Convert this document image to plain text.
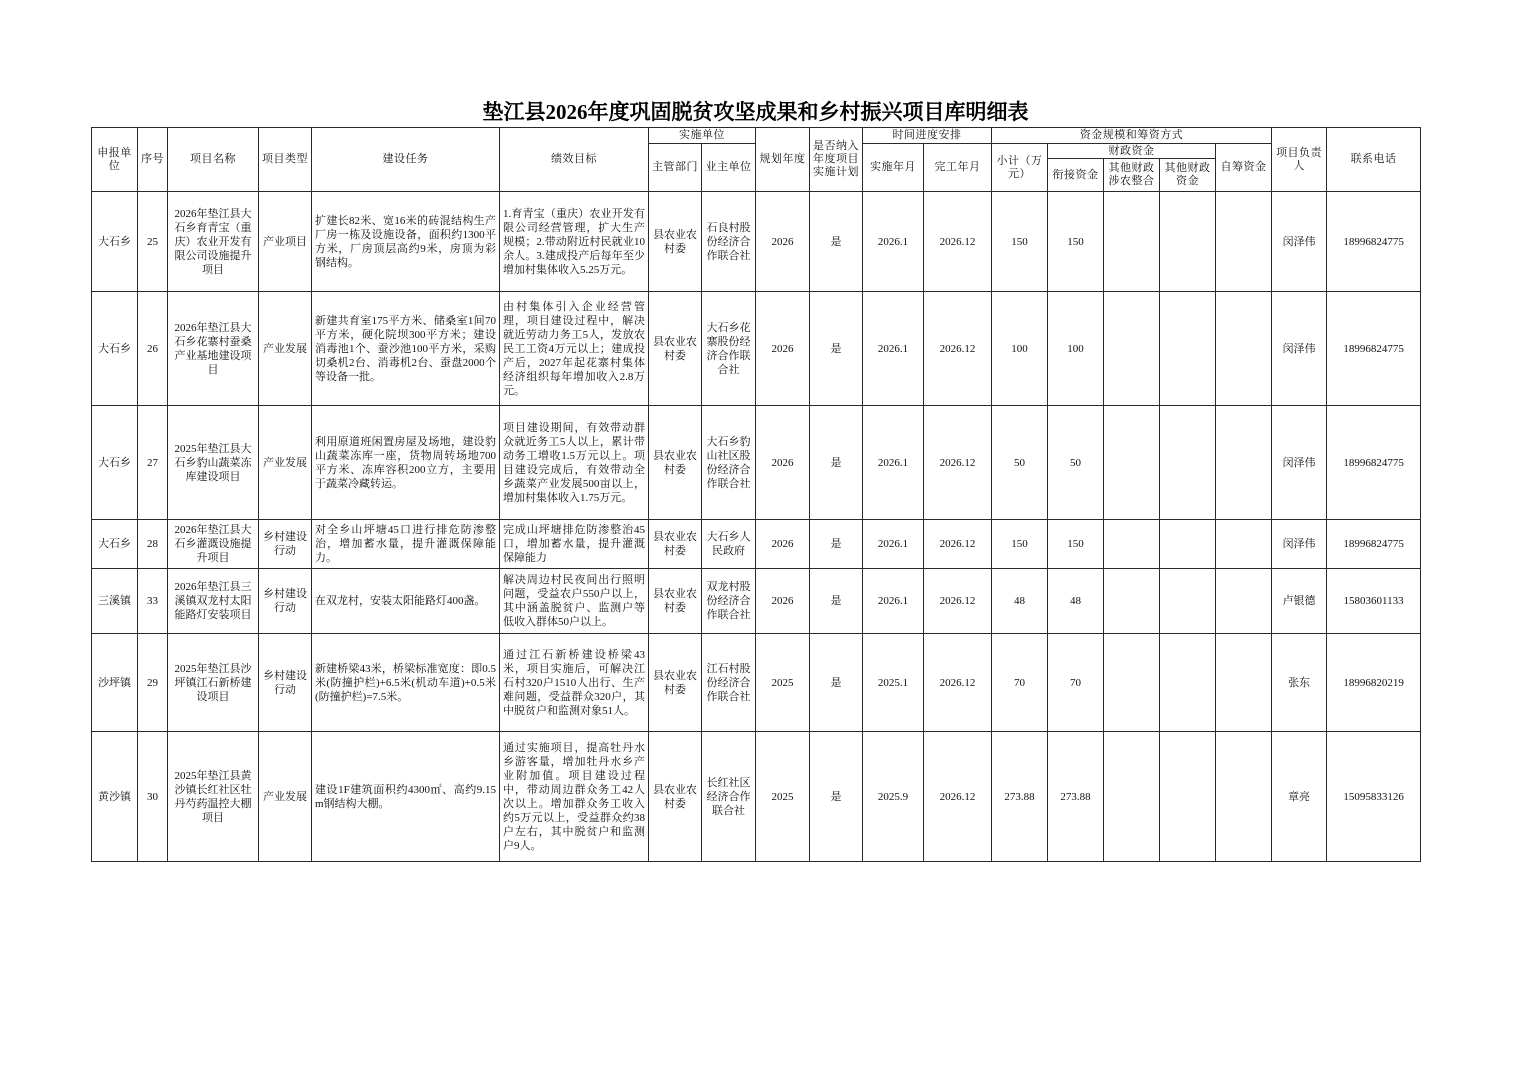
垫江县2026年度巩固脱贫攻坚成果和乡村振兴项目库明细表
申报单位	序号	项目名称	项目类型	建设任务	绩效目标	实施单位		规划年度	是否纳入年度项目实施计划	时间进度安排		资金规模和筹资方式					项目负责人	联系电话
						主管部门	业主单位			实施年月	完工年月	小计（万元）	财政资金			自筹资金		
													衔接资金	其他财政涉农整合	其他财政资金			
大石乡	25	2026年垫江县大石乡育青宝（重庆）农业开发有限公司设施提升项目	产业项目	扩建长82米、宽16米的砖混结构生产厂房一栋及设施设备，面积约1300平方米，厂房顶层高约9米，房顶为彩钢结构。	1.育青宝（重庆）农业开发有限公司经营管理，扩大生产规模；2.带动附近村民就业10余人。3.建成投产后每年至少增加村集体收入5.25万元。	县农业农村委	石良村股份经济合作联合社	2026	是	2026.1	2026.12	150	150				闵泽伟	18996824775
大石乡	26	2026年垫江县大石乡花寨村蚕桑产业基地建设项目	产业发展	新建共育室175平方米、储桑室1间70平方米，硬化院坝300平方米；建设消毒池1个、蚕沙池100平方米，采购切桑机2台、消毒机2台、蚕盘2000个等设备一批。	由村集体引入企业经营管理，项目建设过程中，解决就近劳动力务工5人，发放农民工工资4万元以上；建成投产后，2027年起花寨村集体经济组织每年增加收入2.8万元。	县农业农村委	大石乡花寨股份经济合作联合社	2026	是	2026.1	2026.12	100	100				闵泽伟	18996824775
大石乡	27	2025年垫江县大石乡豹山蔬菜冻库建设项目	产业发展	利用原道班闲置房屋及场地，建设豹山蔬菜冻库一座，货物周转场地700平方米、冻库容积200立方，主要用于蔬菜冷藏转运。	项目建设期间，有效带动群众就近务工5人以上，累计带动务工增收1.5万元以上。项目建设完成后，有效带动全乡蔬菜产业发展500亩以上，增加村集体收入1.75万元。	县农业农村委	大石乡豹山社区股份经济合作联合社	2026	是	2026.1	2026.12	50	50				闵泽伟	18996824775
大石乡	28	2026年垫江县大石乡灌溉设施提升项目	乡村建设行动	对全乡山坪塘45口进行排危防渗整治，增加蓄水量，提升灌溉保障能力。	完成山坪塘排危防渗整治45口，增加蓄水量，提升灌溉保障能力	县农业农村委	大石乡人民政府	2026	是	2026.1	2026.12	150	150				闵泽伟	18996824775
三溪镇	33	2026年垫江县三溪镇双龙村太阳能路灯安装项目	乡村建设行动	在双龙村，安装太阳能路灯400盏。	解决周边村民夜间出行照明问题，受益农户550户以上，其中涵盖脱贫户、监测户等低收入群体50户以上。	县农业农村委	双龙村股份经济合作联合社	2026	是	2026.1	2026.12	48	48				卢银德	15803601133
沙坪镇	29	2025年垫江县沙坪镇江石新桥建设项目	乡村建设行动	新建桥梁43米，桥梁标准宽度：即0.5米(防撞护栏)+6.5米(机动车道)+0.5米(防撞护栏)=7.5米。	通过江石新桥建设桥梁43米，项目实施后，可解决江石村320户1510人出行、生产难问题，受益群众320户，其中脱贫户和监测对象51人。	县农业农村委	江石村股份经济合作联合社	2025	是	2025.1	2026.12	70	70				张东	18996820219
黄沙镇	30	2025年垫江县黄沙镇长红社区牡丹芍药温控大棚项目	产业发展	建设1F建筑面积约4300㎡、高约9.15m钢结构大棚。	通过实施项目，提高牡丹水乡游客量，增加牡丹水乡产业附加值。项目建设过程中，带动周边群众务工42人次以上。增加群众务工收入约5万元以上，受益群众约38户左右，其中脱贫户和监测户9人。	县农业农村委	长红社区经济合作联合社	2025	是	2025.9	2026.12	273.88	273.88				章亮	15095833126
